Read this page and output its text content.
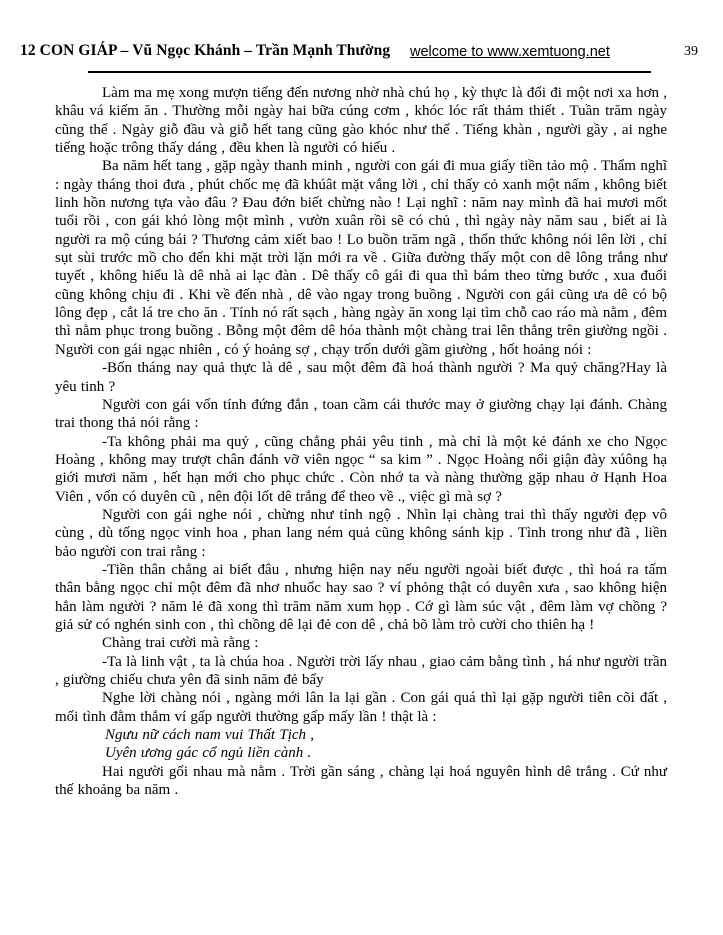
12 CON GIÁP – Vũ Ngọc Khánh – Trần Mạnh Thường welcome to www.xemtuong.net	39

Làm ma mẹ xong mượn tiếng đến nương nhờ nhà chú họ , kỳ thực là đổi đi một nơi xa hơn , khâu vá kiếm ăn . Thường mỗi ngày hai bữa cúng cơm , khóc lóc rất thảm thiết . Tuần trăm ngày cũng thế . Ngày giỗ đầu và giỗ hết tang cũng gào khóc như thế . Tiếng khàn , người gầy , ai nghe tiếng hoặc trông thấy dáng , đều khen là người có hiếu .

Ba năm hết tang , gặp ngày thanh minh , người con gái đi mua giấy tiền tảo mộ . Thẩm nghĩ : ngày tháng thoi đưa , phút chốc mẹ đã khúât mặt vắng lời , chỉ thấy cỏ xanh một nấm , không biết linh hồn nương tựa vào đâu ? Đau đớn biết chừng nào ! Lại nghĩ : năm nay mình đã hai mươi mốt tuổi rồi , con gái khó lòng một mình , vườn xuân rồi sẽ có chủ , thì ngày này năm sau , biết ai là người ra mộ cúng bái ? Thương cảm xiết bao ! Lo buồn trăm ngã , thổn thức không nói lên lời , chỉ sụt sùi trước mồ cho đến khi mặt trời lặn mới ra về . Giữa đường thấy một con dê lông trắng như tuyết , không hiểu là dê nhà ai lạc đàn . Dê thấy cô gái đi qua thì bám theo từng bước , xua đuổi cũng không chịu đi . Khi về đến nhà , dê vào ngay trong buồng . Người con gái cũng ưa dê có bộ lông đẹp , cắt lá tre cho ăn . Tính nó rất sạch , hàng ngày ăn xong lại tìm chỗ cao ráo mà nằm , đêm thì nằm phục trong buồng . Bỗng một đêm dê hóa thành một chàng trai lên thẳng trên giường ngồi . Người con gái ngạc nhiên , có ý hoảng sợ , chạy trốn dưới gầm giường , hốt hoảng nói :

-Bốn tháng nay quả thực là dê , sau một đêm đã hoá thành người ? Ma quỷ chăng?Hay là yêu tinh ?

Người con gái vốn tính đứng đắn , toan cầm cái thước may ở giường chạy lại đánh. Chàng trai thong thả nói rằng :

-Ta không phải ma quỷ , cũng chẳng phải yêu tinh , mà chỉ là một kẻ đánh xe cho Ngọc Hoàng , không may trượt chân đánh vỡ viên ngọc “ sa kim ” . Ngọc Hoàng nổi giận đày xúông hạ giới mươi năm , hết hạn mới cho phục chức . Còn nhớ ta và nàng thường gặp nhau ở Hạnh Hoa Viên , vốn có duyên cũ , nên đội lốt dê trắng để theo về ., việc gì mà sợ ?

Người con gái nghe nói , chừng như tỉnh ngộ . Nhìn lại chàng trai thì thấy người đẹp vô cùng , dù tống ngọc vinh hoa , phan lang ném quả cũng không sánh kịp . Tình trong như đã , liền bảo người con trai rằng :

-Tiền thân chẳng ai biết đâu , nhưng hiện nay nếu người ngoài biết được , thì hoá ra tấm thân bằng ngọc chỉ một đêm đã nhơ nhuốc hay sao ? ví phỏng thật có duyên xưa , sao không hiện hẳn làm người ? năm lẻ đã xong thì trăm năm xum họp . Cớ gì làm súc vật , đêm làm vợ chồng ? giả sử có nghén sinh con , thì chồng dê lại đẻ con dê , chả bõ làm trò cười cho thiên hạ !

Chàng trai cười mà rằng :

-Ta là linh vật , ta là chúa hoa . Người trời lấy nhau , giao cảm bằng tình , há như người trần , giường chiếu chưa yên đã sinh năm đẻ bẩy

Nghe lời chàng nói , ngàng mới lân la lại gần . Con gái quá thì lại gặp người tiên cõi đất , mối tình đằm thắm ví gấp người thường gấp mấy lần ! thật là :

Ngưu nữ cách nam vui Thất Tịch ,

Uyên ương gác cổ ngủ liền cành .

Hai người gối nhau mà nằm . Trời gần sáng , chàng lại hoá nguyên hình dê trắng . Cứ như thế khoảng ba năm .
